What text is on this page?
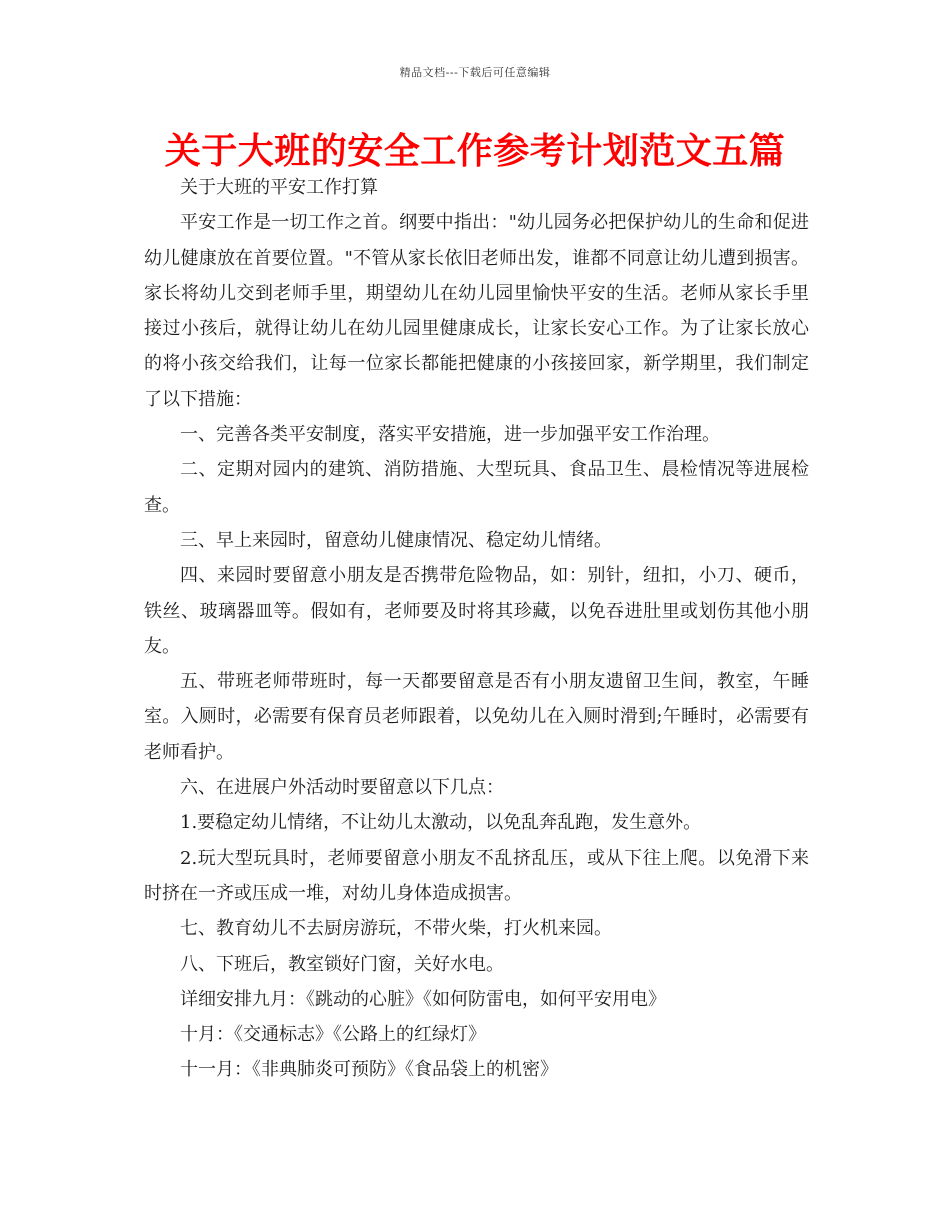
精品文档---下载后可任意编辑
关于大班的安全工作参考计划范文五篇

关于大班的平安工作打算

平安工作是一切工作之首。纲要中指出："幼儿园务必把保护幼儿的生命和促进幼儿健康放在首要位置。"不管从家长依旧老师出发，谁都不同意让幼儿遭到损害。家长将幼儿交到老师手里，期望幼儿在幼儿园里愉快平安的生活。老师从家长手里接过小孩后，就得让幼儿在幼儿园里健康成长，让家长安心工作。为了让家长放心的将小孩交给我们，让每一位家长都能把健康的小孩接回家，新学期里，我们制定了以下措施：

一、完善各类平安制度，落实平安措施，进一步加强平安工作治理。

二、定期对园内的建筑、消防措施、大型玩具、食品卫生、晨检情况等进展检查。

三、早上来园时，留意幼儿健康情况、稳定幼儿情绪。

四、来园时要留意小朋友是否携带危险物品，如：别针，纽扣，小刀、硬币，铁丝、玻璃器皿等。假如有，老师要及时将其珍藏，以免吞进肚里或划伤其他小朋友。

五、带班老师带班时，每一天都要留意是否有小朋友遗留卫生间，教室，午睡室。入厕时，必需要有保育员老师跟着，以免幼儿在入厕时滑到;午睡时，必需要有老师看护。

六、在进展户外活动时要留意以下几点：

1.要稳定幼儿情绪，不让幼儿太激动，以免乱奔乱跑，发生意外。

2.玩大型玩具时，老师要留意小朋友不乱挤乱压，或从下往上爬。以免滑下来时挤在一齐或压成一堆，对幼儿身体造成损害。

七、教育幼儿不去厨房游玩，不带火柴，打火机来园。

八、下班后，教室锁好门窗，关好水电。

详细安排九月：《跳动的心脏》《如何防雷电，如何平安用电》

十月：《交通标志》《公路上的红绿灯》

十一月：《非典肺炎可预防》《食品袋上的机密》
